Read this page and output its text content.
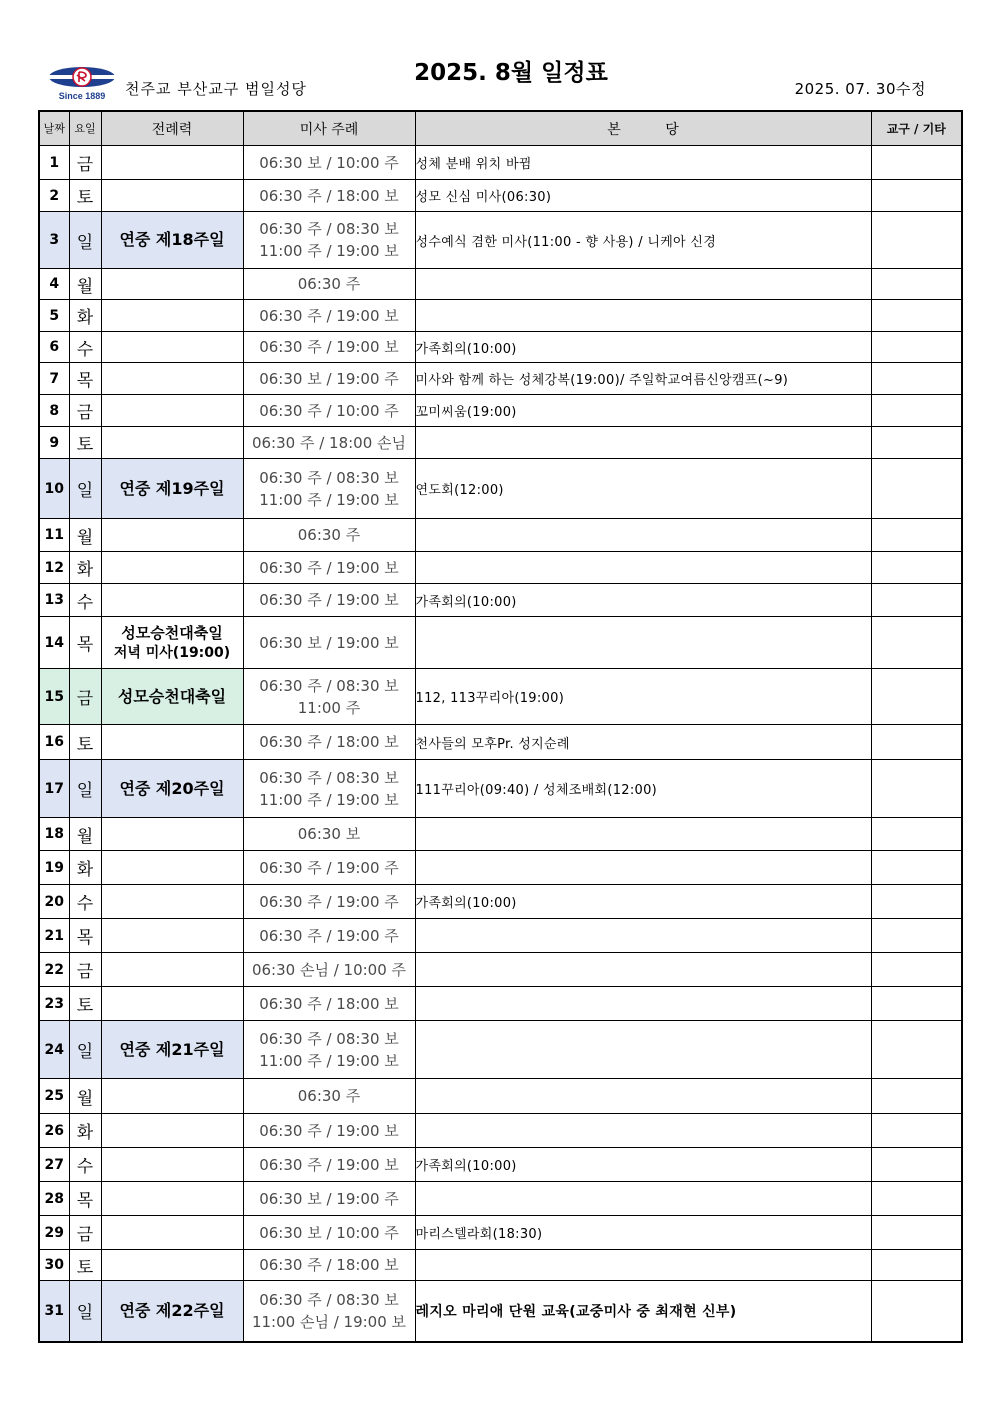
Since 1889 천주교 부산교구 범일성당
2025. 8월 일정표
2025. 07. 30수정
날짜	요일	전례력	미사 주례	본          당	교구 / 기타
1	금		06:30 보 / 10:00 주	성체 분배 위치 바뀜	
2	토		06:30 주 / 18:00 보	성모 신심 미사(06:30)	
3	일	연중 제18주일	06:30 주 / 08:30 보
11:00 주 / 19:00 보	성수예식 겸한 미사(11:00 - 향 사용) / 니케아 신경	
4	월		06:30 주		

5	화		06:30 주 / 19:00 보		

6	수		06:30 주 / 19:00 보	가족회의(10:00)	
7	목		06:30 보 / 19:00 주	미사와 함께 하는 성체강복(19:00)/ 주일학교여름신앙캠프(~9)	
8	금		06:30 주 / 10:00 주	꼬미씨움(19:00)	
9	토		06:30 주 / 18:00 손님		

10	일	연중 제19주일	06:30 주 / 08:30 보
11:00 주 / 19:00 보	연도회(12:00)	
11	월		06:30 주		

12	화		06:30 주 / 19:00 보		

13	수		06:30 주 / 19:00 보	가족회의(10:00)	
14	목	성모승천대축일
저녁 미사(19:00)	06:30 보 / 19:00 보		

15	금	성모승천대축일	06:30 주 / 08:30 보
11:00 주	112, 113꾸리아(19:00)	
16	토		06:30 주 / 18:00 보	천사들의 모후Pr. 성지순례	
17	일	연중 제20주일	06:30 주 / 08:30 보
11:00 주 / 19:00 보	111꾸리아(09:40) / 성체조배회(12:00)	
18	월		06:30 보		

19	화		06:30 주 / 19:00 주		

20	수		06:30 주 / 19:00 주	가족회의(10:00)	
21	목		06:30 주 / 19:00 주		

22	금		06:30 손님 / 10:00 주		

23	토		06:30 주 / 18:00 보		

24	일	연중 제21주일	06:30 주 / 08:30 보
11:00 주 / 19:00 보		

25	월		06:30 주		

26	화		06:30 주 / 19:00 보		

27	수		06:30 주 / 19:00 보	가족회의(10:00)	
28	목		06:30 보 / 19:00 주		

29	금		06:30 보 / 10:00 주	마리스텔라회(18:30)	
30	토		06:30 주 / 18:00 보		

31	일	연중 제22주일	06:30 주 / 08:30 보
11:00 손님 / 19:00 보	레지오 마리애 단원 교육(교중미사 중 최재현 신부)	
